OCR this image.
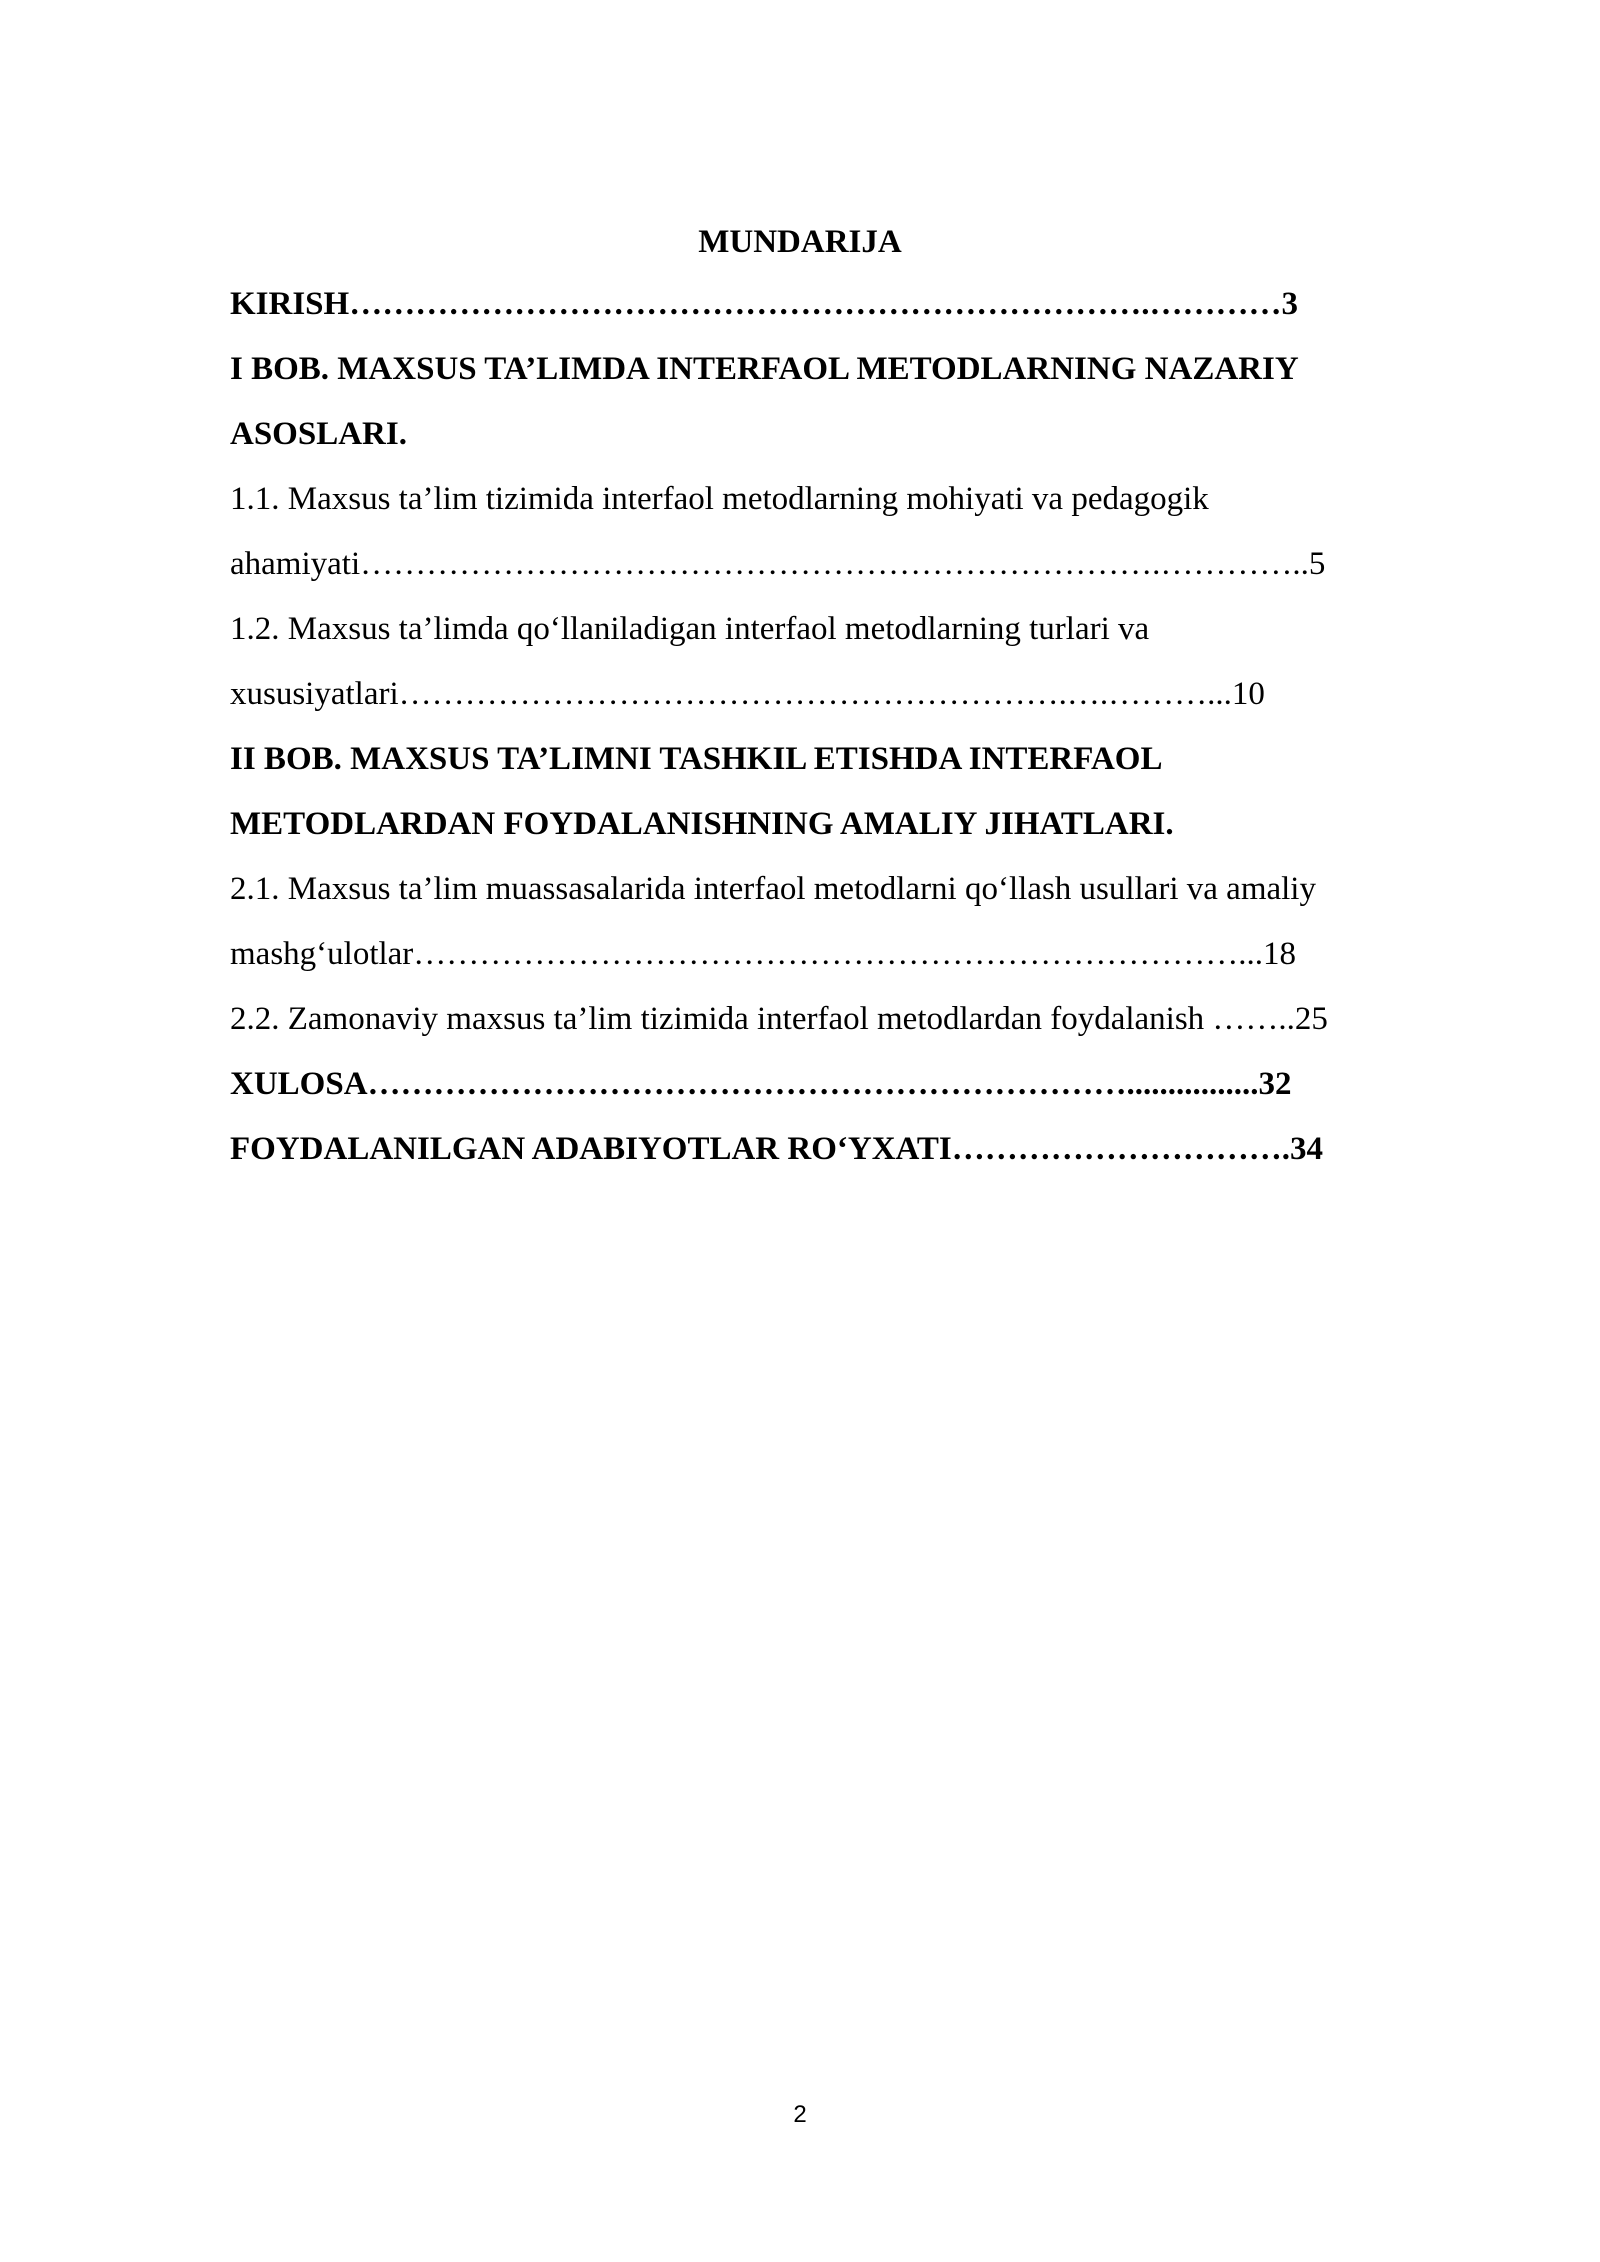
MUNDARIJA

KIRISH……………………………………………………………….…………3

I BOB. MAXSUS TA’LIMDA INTERFAOL METODLARNING NAZARIY

ASOSLARI.

1.1. Maxsus ta’lim tizimida interfaol metodlarning mohiyati va pedagogik

ahamiyati……………………………………………………………….…………..5

1.2. Maxsus ta’limda qo‘llaniladigan interfaol metodlarning turlari va

xususiyatlari…………………………………………………….….………...10

II BOB. MAXSUS TA’LIMNI TASHKIL ETISHDA INTERFAOL

METODLARDAN FOYDALANISHNING AMALIY JIHATLARI.

2.1. Maxsus ta’lim muassasalarida interfaol metodlarni qo‘llash usullari va amaliy

mashg‘ulotlar…………………………………………………………………...18

2.2. Zamonaviy maxsus ta’lim tizimida interfaol metodlardan foydalanish ……..25

XULOSA……………………………………………………………................32

FOYDALANILGAN ADABIYOTLAR RO‘YXATI………………………….34

2
